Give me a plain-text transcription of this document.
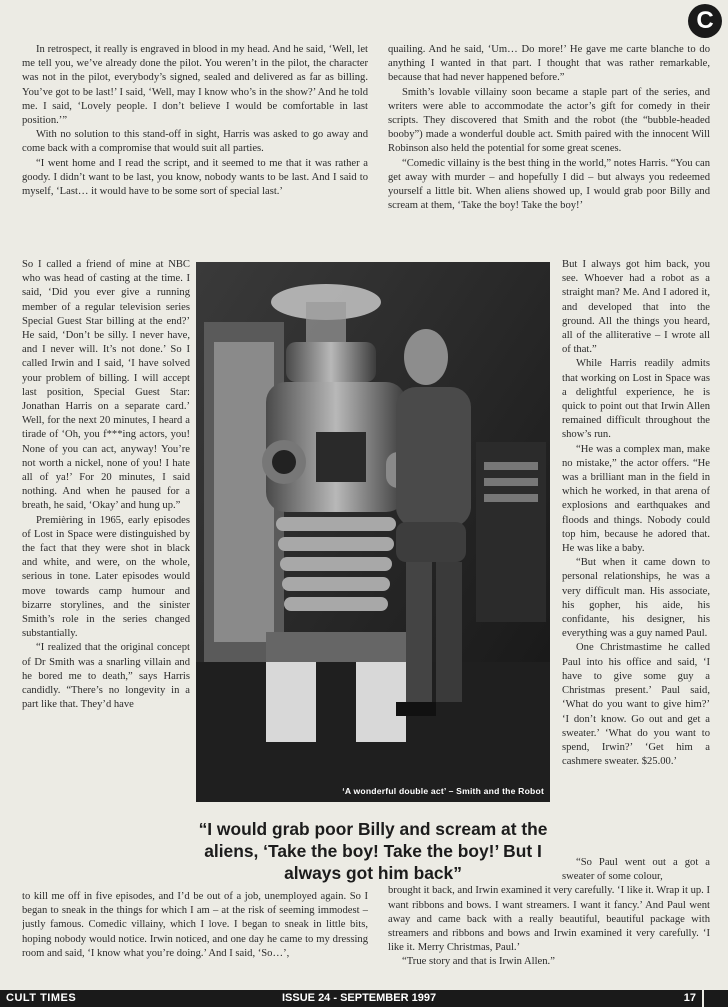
C

In retrospect, it really is engraved in blood in my head. And he said, ‘Well, let me tell you, we’ve already done the pilot. You weren’t in the pilot, the character was not in the pilot, everybody’s signed, sealed and delivered as far as billing. You’ve got to be last!’ I said, ‘Well, may I know who’s in the show?’ And he told me. I said, ‘Lovely people. I don’t believe I would be comfortable in last position.’”

With no solution to this stand-off in sight, Harris was asked to go away and come back with a compromise that would suit all parties.

“I went home and I read the script, and it seemed to me that it was rather a goody. I didn’t want to be last, you know, nobody wants to be last. And I said to myself, ‘Last… it would have to be some sort of special last.’

So I called a friend of mine at NBC who was head of casting at the time. I said, ‘Did you ever give a running member of a regular television series Special Guest Star billing at the end?’ He said, ‘Don’t be silly. I never have, and I never will. It’s not done.’ So I called Irwin and I said, ‘I have solved your problem of billing. I will accept last position, Special Guest Star: Jonathan Harris on a separate card.’ Well, for the next 20 minutes, I heard a tirade of ‘Oh, you f***ing actors, you! None of you can act, anyway! You’re not worth a nickel, none of you! I hate all of ya!’ For 20 minutes, I said nothing. And when he paused for a breath, he said, ‘Okay’ and hung up.”

Premièring in 1965, early episodes of Lost in Space were distinguished by the fact that they were shot in black and white, and were, on the whole, serious in tone. Later episodes would move towards camp humour and bizarre storylines, and the sinister Smith’s role in the series changed substantially.

“I realized that the original concept of Dr Smith was a snarling villain and he bored me to death,” says Harris candidly. “There’s no longevity in a part like that. They’d have

to kill me off in five episodes, and I’d be out of a job, unemployed again. So I began to sneak in the things for which I am – at the risk of seeming immodest – justly famous. Comedic villainy, which I love. I began to sneak in little bits, hoping nobody would notice. Irwin noticed, and one day he came to my dressing room and said, ‘I know what you’re doing.’ And I said, ‘So…’,

quailing. And he said, ‘Um… Do more!’ He gave me carte blanche to do anything I wanted in that part. I thought that was rather remarkable, because that had never happened before.”

Smith’s lovable villainy soon became a staple part of the series, and writers were able to accommodate the actor’s gift for comedy in their scripts. They discovered that Smith and the robot (the “bubble-headed booby”) made a wonderful double act. Smith paired with the innocent Will Robinson also held the potential for some great scenes.

“Comedic villainy is the best thing in the world,” notes Harris. “You can get away with murder – and hopefully I did – but always you redeemed yourself a little bit. When aliens showed up, I would grab poor Billy and scream at them, ‘Take the boy! Take the boy!’

But I always got him back, you see. Whoever had a robot as a straight man? Me. And I adored it, and developed that into the ground. All the things you heard, all of the alliterative – I wrote all of that.”

While Harris readily admits that working on Lost in Space was a delightful experience, he is quick to point out that Irwin Allen remained difficult throughout the show’s run.

“He was a complex man, make no mistake,” the actor offers. “He was a brilliant man in the field in which he worked, in that arena of explosions and earthquakes and floods and things. Nobody could top him, because he adored that. He was like a baby.

“But when it came down to personal relationships, he was a very difficult man. His associate, his gopher, his aide, his confidante, his designer, his everything was a guy named Paul.

One Christmastime he called Paul into his office and said, ‘I have to give some guy a Christmas present.’ Paul said, ‘What do you want to give him?’ ‘I don’t know. Go out and get a sweater.’ ‘What do you want to spend, Irwin?’ ‘Get him a cashmere sweater. $25.00.’

“So Paul went out a got a sweater of some colour,

brought it back, and Irwin examined it very carefully. ‘I like it. Wrap it up. I want ribbons and bows. I want streamers. I want it fancy.’ And Paul went away and came back with a really beautiful, beautiful package with streamers and ribbons and bows and Irwin examined it very carefully. ‘I like it. Merry Christmas, Paul.’

“True story and that is Irwin Allen.”

‘A wonderful double act’ – Smith and the Robot
“I would grab poor Billy and scream at the aliens, ‘Take the boy! Take the boy!’ But I always got him back”
CULT TIMES	ISSUE 24 - SEPTEMBER 1997	17
